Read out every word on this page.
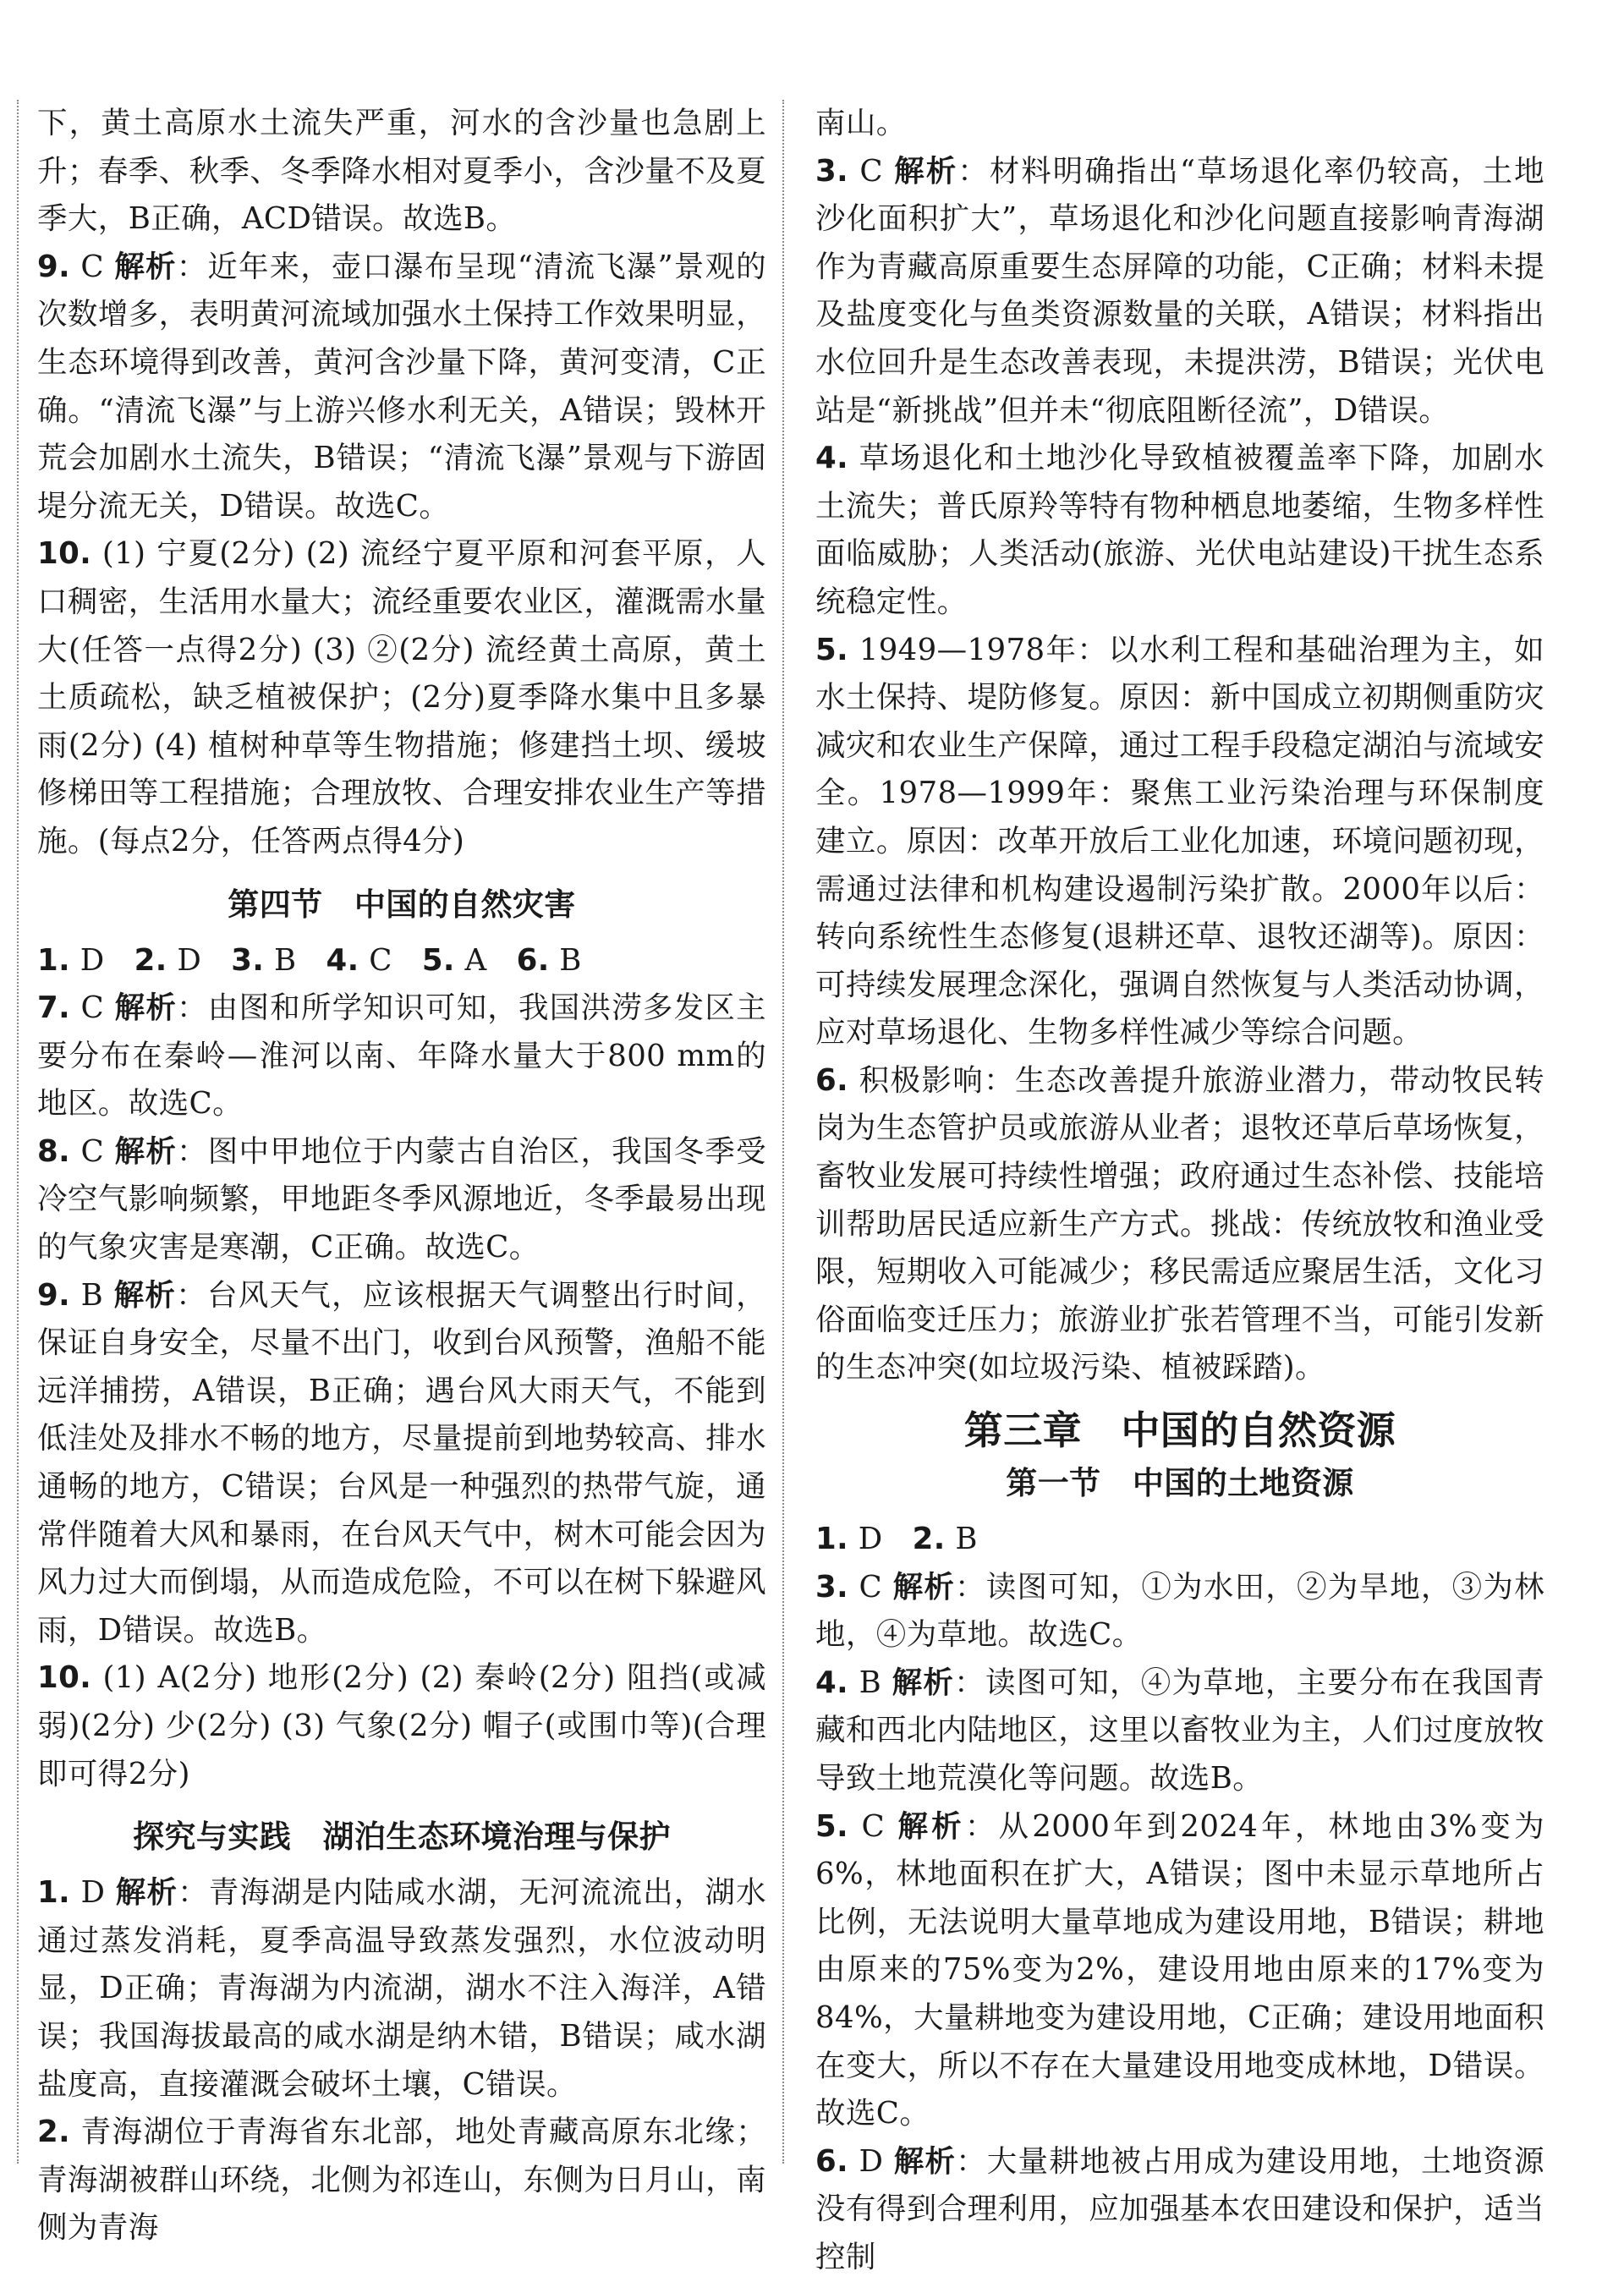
下，黄土高原水土流失严重，河水的含沙量也急剧上升；春季、秋季、冬季降水相对夏季小，含沙量不及夏季大，B正确，ACD错误。故选B。

9. C 解析：近年来，壶口瀑布呈现“清流飞瀑”景观的次数增多，表明黄河流域加强水土保持工作效果明显，生态环境得到改善，黄河含沙量下降，黄河变清，C正确。“清流飞瀑”与上游兴修水利无关，A错误；毁林开荒会加剧水土流失，B错误；“清流飞瀑”景观与下游固堤分流无关，D错误。故选C。

10. (1) 宁夏(2分) (2) 流经宁夏平原和河套平原，人口稠密，生活用水量大；流经重要农业区，灌溉需水量大(任答一点得2分) (3) ②(2分) 流经黄土高原，黄土土质疏松，缺乏植被保护；(2分)夏季降水集中且多暴雨(2分) (4) 植树种草等生物措施；修建挡土坝、缓坡修梯田等工程措施；合理放牧、合理安排农业生产等措施。(每点2分，任答两点得4分)

第四节　中国的自然灾害

1. D 2. D 3. B 4. C 5. A 6. B

7. C 解析：由图和所学知识可知，我国洪涝多发区主要分布在秦岭—淮河以南、年降水量大于800 mm的地区。故选C。

8. C 解析：图中甲地位于内蒙古自治区，我国冬季受冷空气影响频繁，甲地距冬季风源地近，冬季最易出现的气象灾害是寒潮，C正确。故选C。

9. B 解析：台风天气，应该根据天气调整出行时间，保证自身安全，尽量不出门，收到台风预警，渔船不能远洋捕捞，A错误，B正确；遇台风大雨天气，不能到低洼处及排水不畅的地方，尽量提前到地势较高、排水通畅的地方，C错误；台风是一种强烈的热带气旋，通常伴随着大风和暴雨，在台风天气中，树木可能会因为风力过大而倒塌，从而造成危险，不可以在树下躲避风雨，D错误。故选B。

10. (1) A(2分) 地形(2分) (2) 秦岭(2分) 阻挡(或减弱)(2分) 少(2分) (3) 气象(2分) 帽子(或围巾等)(合理即可得2分)

探究与实践　湖泊生态环境治理与保护

1. D 解析：青海湖是内陆咸水湖，无河流流出，湖水通过蒸发消耗，夏季高温导致蒸发强烈，水位波动明显，D正确；青海湖为内流湖，湖水不注入海洋，A错误；我国海拔最高的咸水湖是纳木错，B错误；咸水湖盐度高，直接灌溉会破坏土壤，C错误。

2. 青海湖位于青海省东北部，地处青藏高原东北缘；青海湖被群山环绕，北侧为祁连山，东侧为日月山，南侧为青海

南山。

3. C 解析：材料明确指出“草场退化率仍较高，土地沙化面积扩大”，草场退化和沙化问题直接影响青海湖作为青藏高原重要生态屏障的功能，C正确；材料未提及盐度变化与鱼类资源数量的关联，A错误；材料指出水位回升是生态改善表现，未提洪涝，B错误；光伏电站是“新挑战”但并未“彻底阻断径流”，D错误。

4. 草场退化和土地沙化导致植被覆盖率下降，加剧水土流失；普氏原羚等特有物种栖息地萎缩，生物多样性面临威胁；人类活动(旅游、光伏电站建设)干扰生态系统稳定性。

5. 1949—1978年：以水利工程和基础治理为主，如水土保持、堤防修复。原因：新中国成立初期侧重防灾减灾和农业生产保障，通过工程手段稳定湖泊与流域安全。1978—1999年：聚焦工业污染治理与环保制度建立。原因：改革开放后工业化加速，环境问题初现，需通过法律和机构建设遏制污染扩散。2000年以后：转向系统性生态修复(退耕还草、退牧还湖等)。原因：可持续发展理念深化，强调自然恢复与人类活动协调，应对草场退化、生物多样性减少等综合问题。

6. 积极影响：生态改善提升旅游业潜力，带动牧民转岗为生态管护员或旅游从业者；退牧还草后草场恢复，畜牧业发展可持续性增强；政府通过生态补偿、技能培训帮助居民适应新生产方式。挑战：传统放牧和渔业受限，短期收入可能减少；移民需适应聚居生活，文化习俗面临变迁压力；旅游业扩张若管理不当，可能引发新的生态冲突(如垃圾污染、植被踩踏)。

第三章　中国的自然资源
第一节　中国的土地资源

1. D 2. B

3. C 解析：读图可知，①为水田，②为旱地，③为林地，④为草地。故选C。

4. B 解析：读图可知，④为草地，主要分布在我国青藏和西北内陆地区，这里以畜牧业为主，人们过度放牧导致土地荒漠化等问题。故选B。

5. C 解析：从2000年到2024年，林地由3%变为6%，林地面积在扩大，A错误；图中未显示草地所占比例，无法说明大量草地成为建设用地，B错误；耕地由原来的75%变为2%，建设用地由原来的17%变为84%，大量耕地变为建设用地，C正确；建设用地面积在变大，所以不存在大量建设用地变成林地，D错误。故选C。

6. D 解析：大量耕地被占用成为建设用地，土地资源没有得到合理利用，应加强基本农田建设和保护，适当控制
